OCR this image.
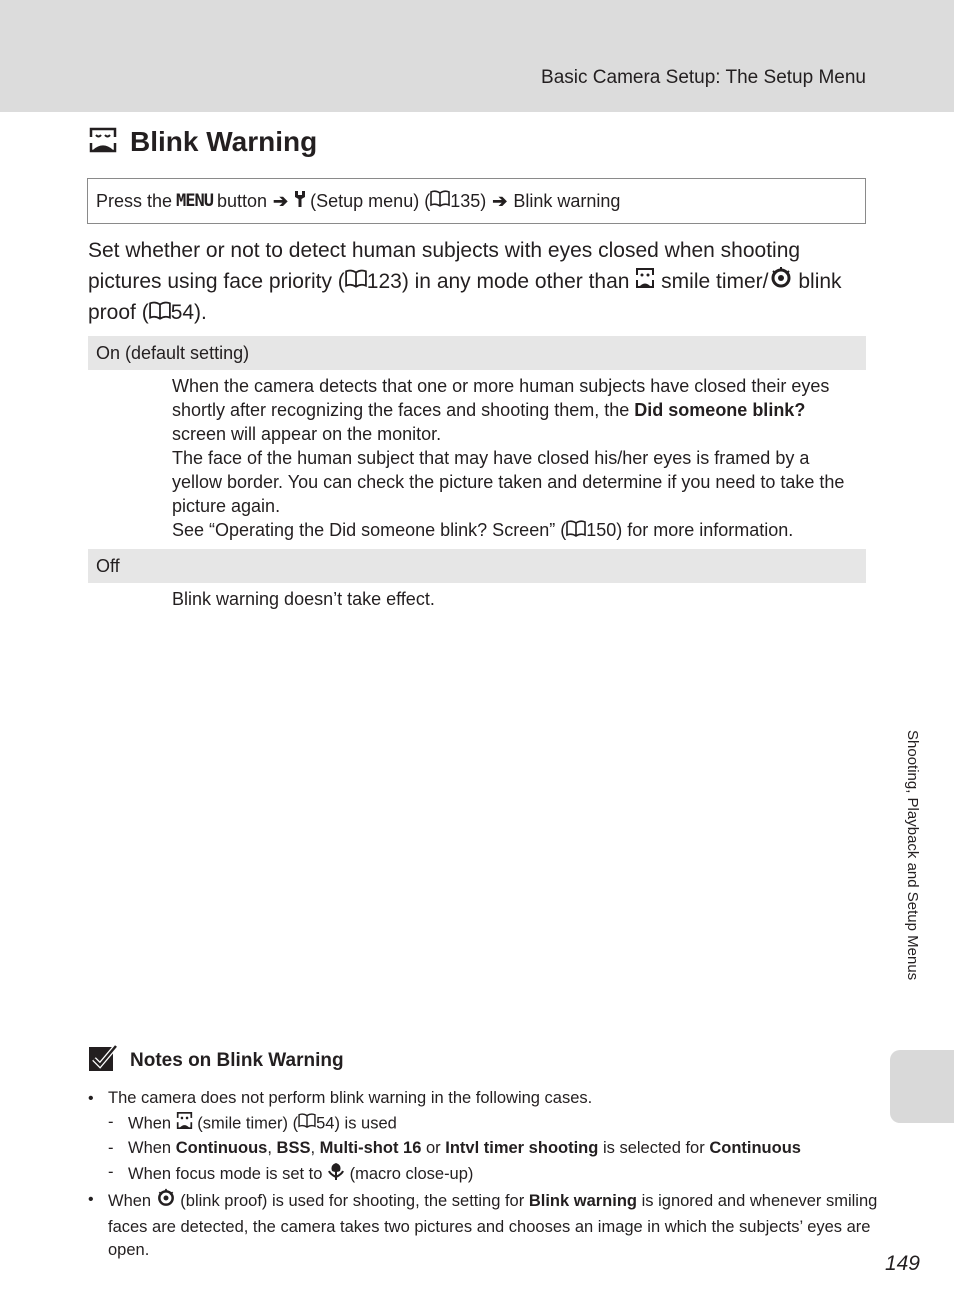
Basic Camera Setup: The Setup Menu
Blink Warning
Press the MENU button ➔ (Setup menu) ( 135) ➔ Blink warning
Set whether or not to detect human subjects with eyes closed when shooting pictures using face priority ( 123) in any mode other than smile timer/ blink proof ( 54).
On (default setting)

When the camera detects that one or more human subjects have closed their eyes shortly after recognizing the faces and shooting them, the Did someone blink? screen will appear on the monitor.

The face of the human subject that may have closed his/her eyes is framed by a yellow border. You can check the picture taken and determine if you need to take the picture again.

See “Operating the Did someone blink? Screen” ( 150) for more information.

Off

Blink warning doesn’t take effect.

Notes on Blink Warning
• The camera does not perform blink warning in the following cases.
- When (smile timer) ( 54) is used
- When Continuous, BSS, Multi-shot 16 or Intvl timer shooting is selected for Continuous
- When focus mode is set to (macro close-up)
• When (blink proof) is used for shooting, the setting for Blink warning is ignored and whenever smiling faces are detected, the camera takes two pictures and chooses an image in which the subjects’ eyes are open.
Shooting, Playback and Setup Menus
149
